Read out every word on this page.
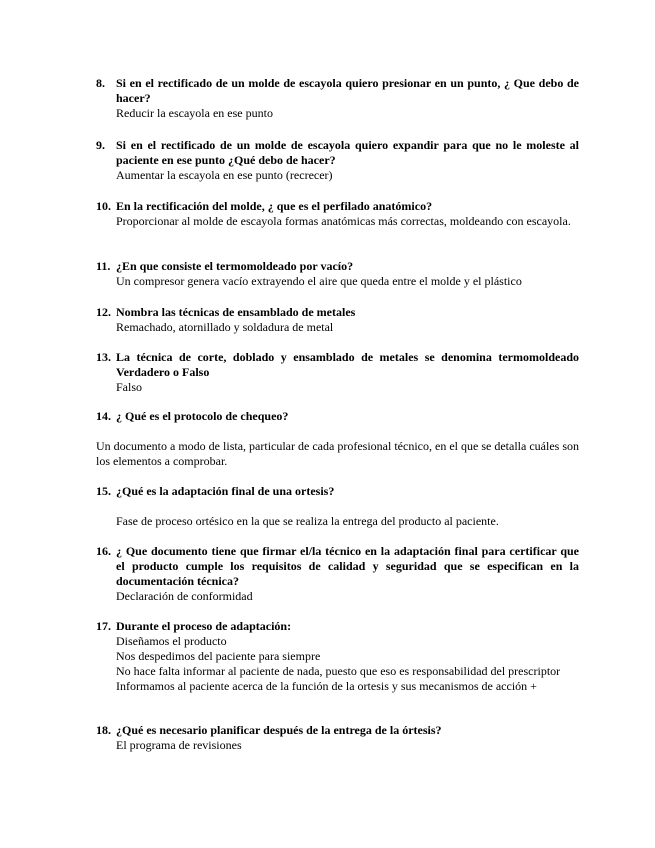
8. Si en el rectificado de un molde de escayola quiero presionar en un punto, ¿ Que debo de hacer?
Reducir la escayola en ese punto
9. Si en el rectificado de un molde de escayola quiero expandir para que no le moleste al paciente en ese punto ¿Qué debo de hacer?
Aumentar la escayola en ese punto (recrecer)
10. En la rectificación del molde, ¿ que es el perfilado anatómico?
Proporcionar al molde de escayola formas anatómicas más correctas, moldeando con escayola.
11. ¿En que consiste el termomoldeado por vacío?
Un compresor genera vacío extrayendo el aire que queda entre el molde y el plástico
12. Nombra las técnicas de ensamblado de metales
Remachado, atornillado y soldadura de metal
13. La técnica de corte, doblado y ensamblado de metales se denomina termomoldeado Verdadero o Falso
Falso
14. ¿ Qué es el protocolo de chequeo?
Un documento a modo de lista, particular de cada profesional técnico, en el que se detalla cuáles son los elementos a comprobar.
15. ¿Qué es la adaptación final de una ortesis?
Fase de proceso ortésico en la que se realiza la entrega del producto al paciente.
16. ¿ Que documento tiene que firmar el/la técnico en la adaptación final para certificar que el producto cumple los requisitos de calidad y seguridad que se especifican en la documentación técnica?
Declaración de conformidad
17. Durante el proceso de adaptación:
Diseñamos el producto
Nos despedimos del paciente para siempre
No hace falta informar al paciente de nada, puesto que eso es responsabilidad del prescriptor
Informamos al paciente acerca de la función de la ortesis y sus mecanismos de acción +
18. ¿Qué es necesario planificar después de la entrega de la órtesis?
El programa de revisiones
